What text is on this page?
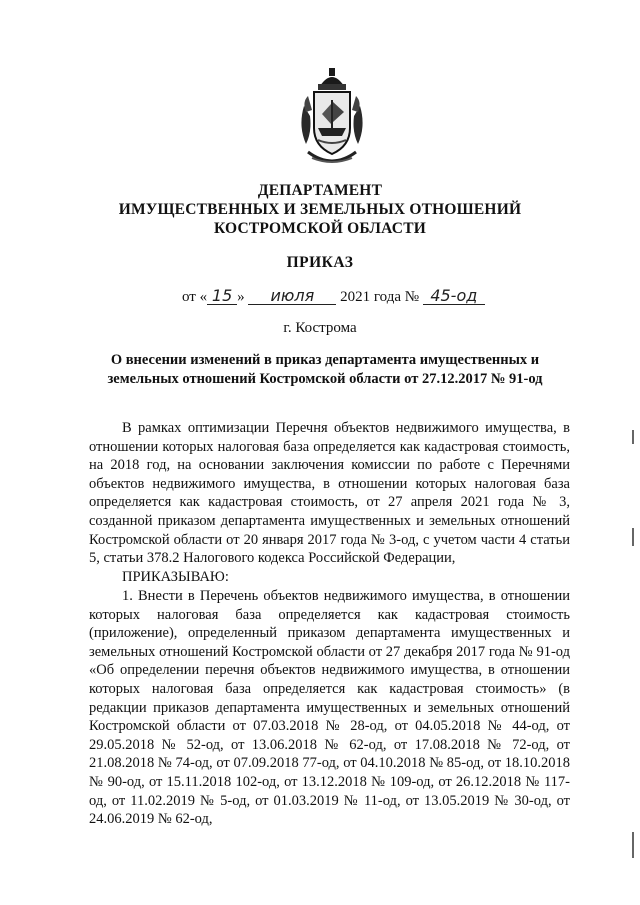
ДЕПАРТАМЕНТ
ИМУЩЕСТВЕННЫХ И ЗЕМЕЛЬНЫХ ОТНОШЕНИЙ
КОСТРОМСКОЙ ОБЛАСТИ
ПРИКАЗ
от « 15 » июля 2021 года № 45-од
г. Кострома
О внесении изменений в приказ департамента имущественных и земельных отношений Костромской области от 27.12.2017 № 91-од
В рамках оптимизации Перечня объектов недвижимого имущества, в отношении которых налоговая база определяется как кадастровая стоимость, на 2018 год, на основании заключения комиссии по работе с Перечнями объектов недвижимого имущества, в отношении которых налоговая база определяется как кадастровая стоимость, от 27 апреля 2021 года № 3, созданной приказом департамента имущественных и земельных отношений Костромской области от 20 января 2017 года № 3-од, с учетом части 4 статьи 5, статьи 378.2 Налогового кодекса Российской Федерации,
ПРИКАЗЫВАЮ:
1. Внести в Перечень объектов недвижимого имущества, в отношении которых налоговая база определяется как кадастровая стоимость (приложение), определенный приказом департамента имущественных и земельных отношений Костромской области от 27 декабря 2017 года № 91-од «Об определении перечня объектов недвижимого имущества, в отношении которых налоговая база определяется как кадастровая стоимость» (в редакции приказов департамента имущественных и земельных отношений Костромской области от 07.03.2018 № 28-од, от 04.05.2018 № 44-од, от 29.05.2018 № 52-од, от 13.06.2018 № 62-од, от 17.08.2018 № 72-од, от 21.08.2018 № 74-од, от 07.09.2018 77-од, от 04.10.2018 № 85-од, от 18.10.2018 № 90-од, от 15.11.2018 102-од, от 13.12.2018 № 109-од, от 26.12.2018 № 117-од, от 11.02.2019 № 5-од, от 01.03.2019 № 11-од, от 13.05.2019 № 30-од, от 24.06.2019 № 62-од,
